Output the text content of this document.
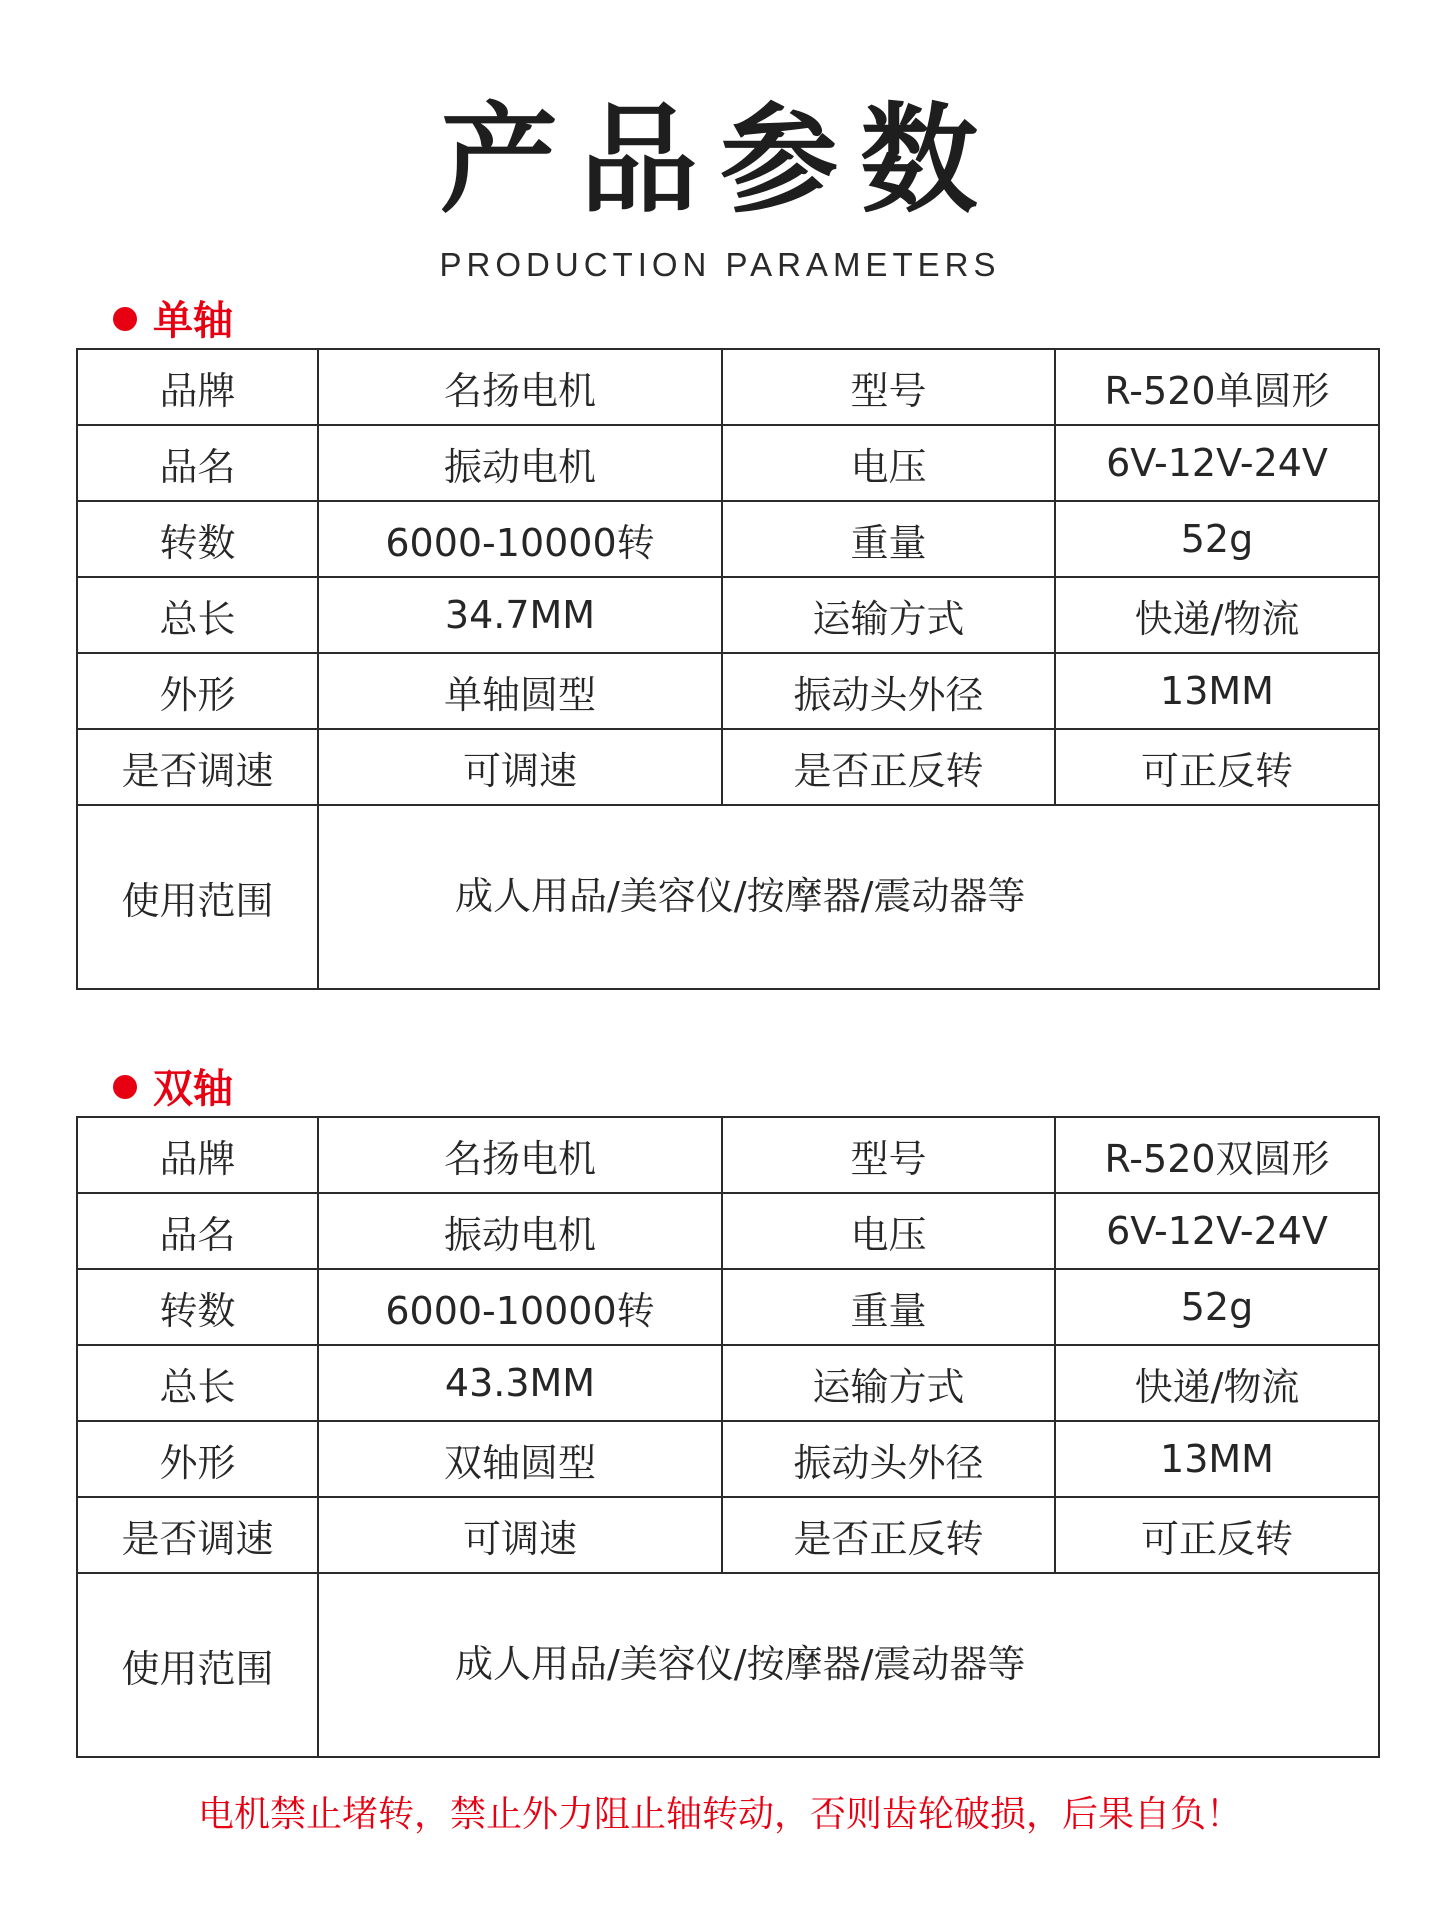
产品参数
PRODUCTION PARAMETERS
单轴
品牌	名扬电机	型号	R-520单圆形
品名	振动电机	电压	6V-12V-24V
转数	6000-10000转	重量	52g
总长	34.7MM	运输方式	快递/物流
外形	单轴圆型	振动头外径	13MM
是否调速	可调速	是否正反转	可正反转
使用范围	成人用品/美容仪/按摩器/震动器等		
双轴
品牌	名扬电机	型号	R-520双圆形
品名	振动电机	电压	6V-12V-24V
转数	6000-10000转	重量	52g
总长	43.3MM	运输方式	快递/物流
外形	双轴圆型	振动头外径	13MM
是否调速	可调速	是否正反转	可正反转
使用范围	成人用品/美容仪/按摩器/震动器等		
电机禁止堵转，禁止外力阻止轴转动，否则齿轮破损，后果自负！
